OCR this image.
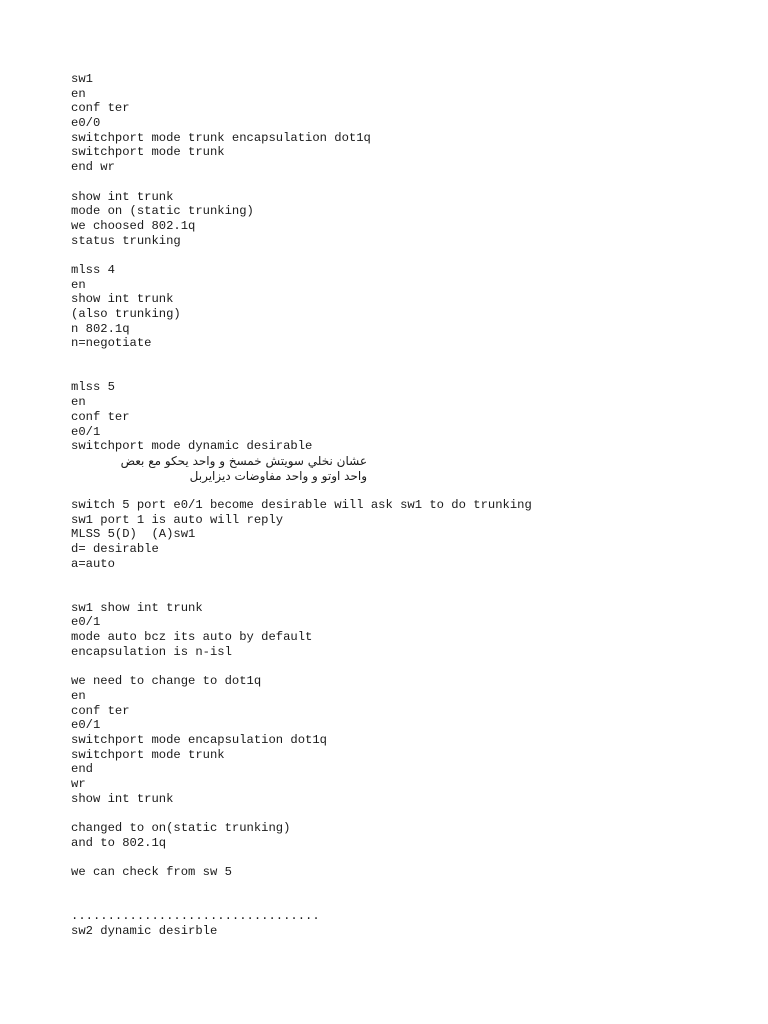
sw1
en
conf ter
e0/0
switchport mode trunk encapsulation dot1q
switchport mode trunk
end wr
show int trunk
mode on (static trunking)
we choosed 802.1q
status trunking
mlss 4
en
show int trunk
(also trunking)
n 802.1q
n=negotiate
mlss 5
en
conf ter
e0/1
switchport mode dynamic desirable
عشان نخلي سويتش خمسخ و واحد يحكو مع بعض
واحد اوتو و واحد مفاوضات ديزايربل
switch 5 port e0/1 become desirable will ask sw1 to do trunking
sw1 port 1 is auto will reply
MLSS 5(D)  (A)sw1
d= desirable
a=auto
sw1 show int trunk
e0/1
mode auto bcz its auto by default
encapsulation is n-isl
we need to change to dot1q
en
conf ter
e0/1
switchport mode encapsulation dot1q
switchport mode trunk
end
wr
show int trunk
changed to on(static trunking)
and to 802.1q
we can check from sw 5
..................................
sw2 dynamic desirble
